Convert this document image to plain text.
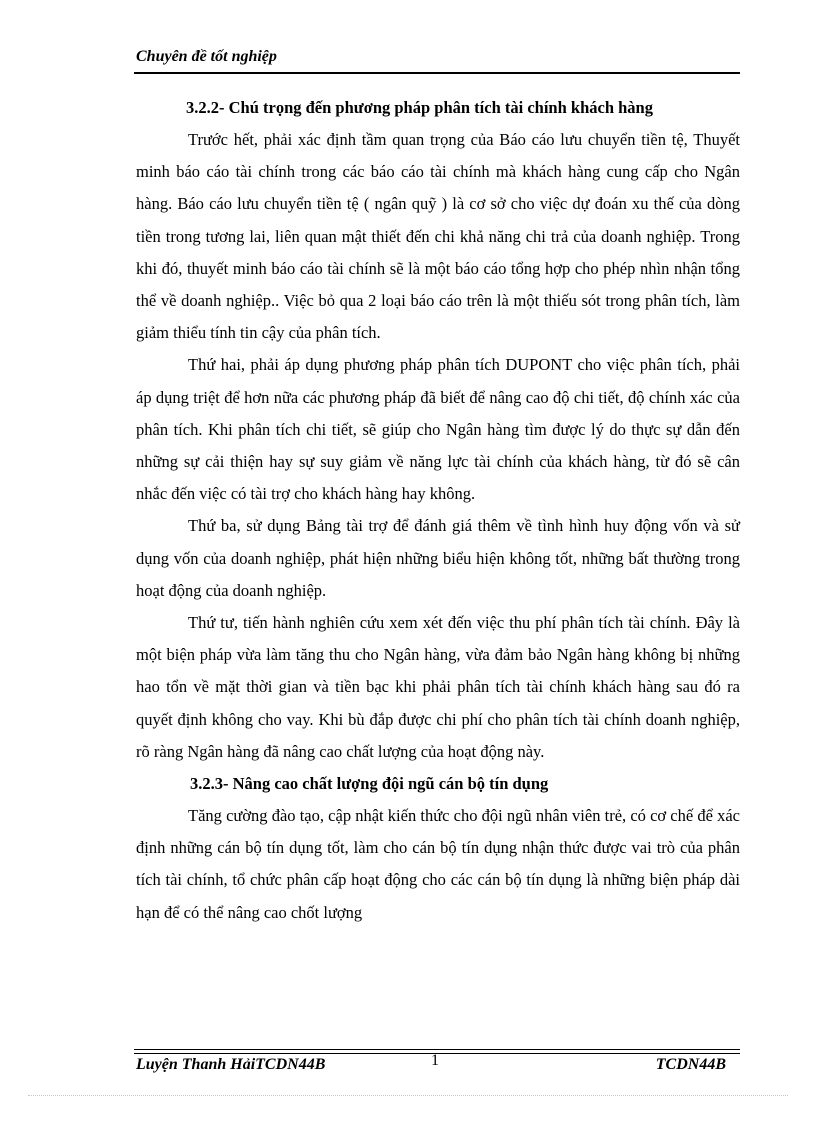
Chuyên đề tốt nghiệp

3.2.2- Chú trọng đến phương pháp phân tích tài chính khách hàng

Trước hết, phải xác định tầm quan trọng của Báo cáo lưu chuyển tiền tệ, Thuyết minh báo cáo tài chính trong các báo cáo tài chính mà khách hàng cung cấp cho Ngân hàng. Báo cáo lưu chuyển tiền tệ ( ngân quỹ ) là cơ sở cho việc dự đoán xu thế của dòng tiền trong tương lai, liên quan mật thiết đến chi khả năng chi trả của doanh nghiệp. Trong khi đó, thuyết minh báo cáo tài chính sẽ là một báo cáo tổng hợp cho phép nhìn nhận tổng thể về doanh nghiệp.. Việc bỏ qua 2 loại báo cáo trên là một thiếu sót trong phân tích, làm giảm thiểu tính tin cậy của phân tích.

Thứ hai, phải áp dụng phương pháp phân tích DUPONT cho việc phân tích, phải áp dụng triệt để hơn nữa các phương pháp đã biết để nâng cao độ chi tiết, độ chính xác của phân tích. Khi phân tích chi tiết, sẽ giúp cho Ngân hàng tìm được lý do thực sự dẫn đến những sự cải thiện hay sự suy giảm về năng lực tài chính của khách hàng, từ đó sẽ cân nhắc đến việc có tài trợ cho khách hàng hay không.

Thứ ba, sử dụng Bảng tài trợ để đánh giá thêm về tình hình huy động vốn và sử dụng vốn của doanh nghiệp, phát hiện những biểu hiện không tốt, những bất thường trong hoạt động của doanh nghiệp.

Thứ tư, tiến hành nghiên cứu xem xét đến việc thu phí phân tích tài chính. Đây là một biện pháp vừa làm tăng thu cho Ngân hàng, vừa đảm bảo Ngân hàng không bị những hao tổn về mặt thời gian và tiền bạc khi phải phân tích tài chính khách hàng sau đó ra quyết định không cho vay. Khi bù đắp được chi phí cho phân tích tài chính doanh nghiệp, rõ ràng Ngân hàng đã nâng cao chất lượng của hoạt động này.

3.2.3- Nâng cao chất lượng đội ngũ cán bộ tín dụng

Tăng cường đào tạo, cập nhật kiến thức cho đội ngũ nhân viên trẻ, có cơ chế để xác định những cán bộ tín dụng tốt, làm cho cán bộ tín dụng nhận thức được vai trò của phân tích tài chính, tổ chức phân cấp hoạt động cho các cán bộ tín dụng là những biện pháp dài hạn để có thể nâng cao chốt lượng

Luyện Thanh HảiTCDN44B	1	TCDN44B
